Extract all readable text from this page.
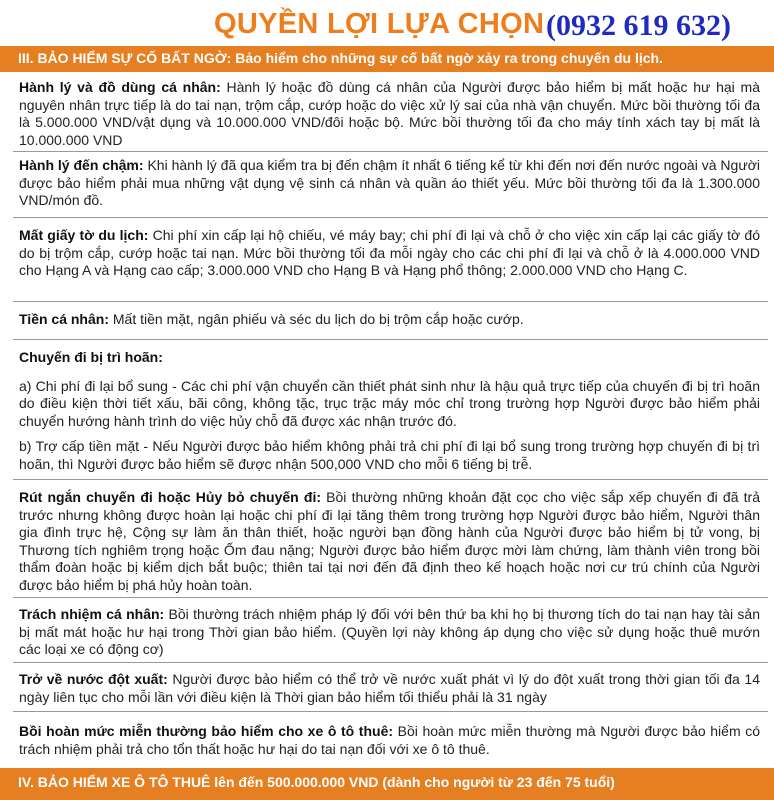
QUYỀN LỢI LỰA CHỌN (0932 619 632)
III. BẢO HIỂM SỰ CỐ BẤT NGỜ: Bảo hiểm cho những sự cố bất ngờ xảy ra trong chuyến du lịch.

Hành lý và đồ dùng cá nhân: Hành lý hoặc đồ dùng cá nhân của Người được bảo hiểm bị mất hoặc hư hại mà nguyên nhân trực tiếp là do tai nạn, trộm cắp, cướp hoặc do việc xử lý sai của nhà vận chuyển. Mức bồi thường tối đa là 5.000.000 VND/vật dụng và 10.000.000 VND/đôi hoặc bộ. Mức bồi thường tối đa cho máy tính xách tay bị mất là 10.000.000 VND

Hành lý đến chậm: Khi hành lý đã qua kiểm tra bị đến chậm ít nhất 6 tiếng kể từ khi đến nơi đến nước ngoài và Người được bảo hiểm phải mua những vật dụng vệ sinh cá nhân và quần áo thiết yếu. Mức bồi thường tối đa là 1.300.000 VND/món đồ.

Mất giấy tờ du lịch: Chi phí xin cấp lại hộ chiếu, vé máy bay; chi phí đi lại và chỗ ở cho việc xin cấp lại các giấy tờ đó do bị trộm cắp, cướp hoặc tai nạn. Mức bồi thường tối đa mỗi ngày cho các chi phí đi lại và chỗ ở là 4.000.000 VND cho Hạng A và Hạng cao cấp; 3.000.000 VND cho Hạng B và Hạng phổ thông; 2.000.000 VND cho Hạng C.

Tiền cá nhân: Mất tiền mặt, ngân phiếu và séc du lịch do bị trộm cắp hoặc cướp.

Chuyến đi bị trì hoãn:

a) Chi phí đi lại bổ sung - Các chi phí vận chuyển cần thiết phát sinh như là hậu quả trực tiếp của chuyến đi bị trì hoãn do điều kiện thời tiết xấu, bãi công, không tặc, trục trặc máy móc chỉ trong trường hợp Người được bảo hiểm phải chuyển hướng hành trình do việc hủy chỗ đã được xác nhận trước đó.

b) Trợ cấp tiền mặt - Nếu Người được bảo hiểm không phải trả chi phí đi lại bổ sung trong trường hợp chuyến đi bị trì hoãn, thì Người được bảo hiểm sẽ được nhận 500,000 VND cho mỗi 6 tiếng bị trễ.

Rút ngắn chuyến đi hoặc Hủy bỏ chuyến đi: Bồi thường những khoản đặt cọc cho việc sắp xếp chuyến đi đã trả trước nhưng không được hoàn lại hoặc chi phí đi lại tăng thêm trong trường hợp Người được bảo hiểm, Người thân gia đình trực hệ, Cộng sự làm ăn thân thiết, hoặc người bạn đồng hành của Người được bảo hiểm bị tử vong, bị Thương tích nghiêm trọng hoặc Ốm đau nặng; Người được bảo hiểm được mời làm chứng, làm thành viên trong bồi thẩm đoàn hoặc bị kiểm dịch bắt buộc; thiên tai tại nơi đến đã định theo kế hoạch hoặc nơi cư trú chính của Người được bảo hiểm bị phá hủy hoàn toàn.

Trách nhiệm cá nhân: Bồi thường trách nhiệm pháp lý đối với bên thứ ba khi họ bị thương tích do tai nạn hay tài sản bị mất mát hoặc hư hại trong Thời gian bảo hiểm. (Quyền lợi này không áp dụng cho việc sử dụng hoặc thuê mướn các loại xe có động cơ)

Trở về nước đột xuất: Người được bảo hiểm có thể trở về nước xuất phát vì lý do đột xuất trong thời gian tối đa 14 ngày liên tục cho mỗi lần với điều kiện là Thời gian bảo hiểm tối thiểu phải là 31 ngày

Bồi hoàn mức miễn thường bảo hiểm cho xe ô tô thuê: Bồi hoàn mức miễn thường mà Người được bảo hiểm có trách nhiệm phải trả cho tổn thất hoặc hư hại do tai nạn đối với xe ô tô thuê.

IV. BẢO HIỂM XE Ô TÔ THUÊ lên đến 500.000.000 VND (dành cho người từ 23 đến 75 tuổi)
